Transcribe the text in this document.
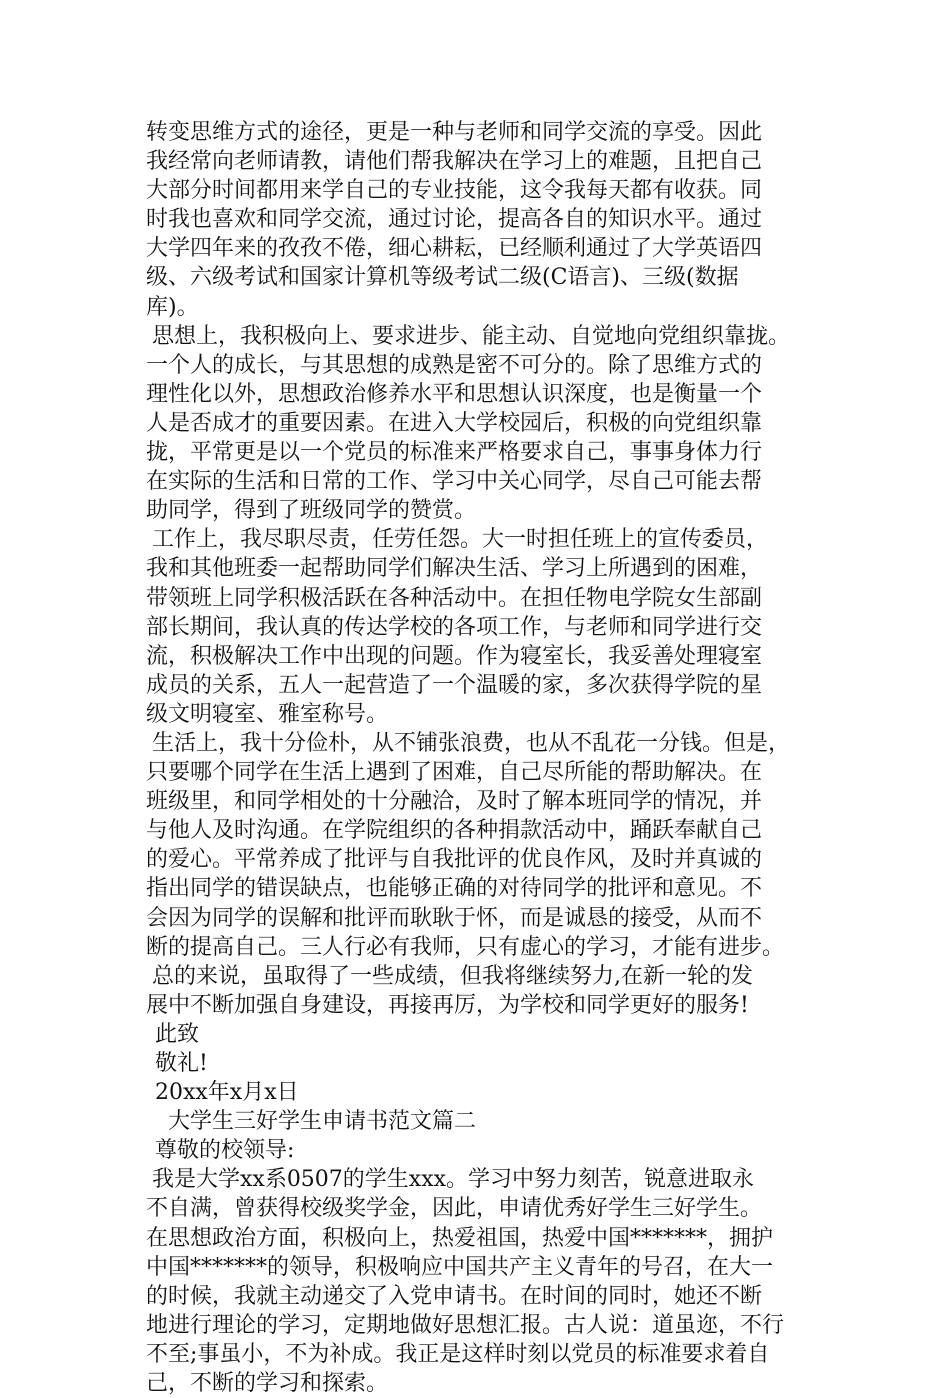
转变思维方式的途径，更是一种与老师和同学交流的享受。因此
我经常向老师请教，请他们帮我解决在学习上的难题，且把自己
大部分时间都用来学自己的专业技能，这令我每天都有收获。同
时我也喜欢和同学交流，通过讨论，提高各自的知识水平。通过
大学四年来的孜孜不倦，细心耕耘，已经顺利通过了大学英语四
级、六级考试和国家计算机等级考试二级(C语言)、三级(数据
库)。
思想上，我积极向上、要求进步、能主动、自觉地向党组织靠拢。
一个人的成长，与其思想的成熟是密不可分的。除了思维方式的
理性化以外，思想政治修养水平和思想认识深度，也是衡量一个
人是否成才的重要因素。在进入大学校园后，积极的向党组织靠
拢，平常更是以一个党员的标准来严格要求自己，事事身体力行
在实际的生活和日常的工作、学习中关心同学，尽自己可能去帮
助同学，得到了班级同学的赞赏。
工作上，我尽职尽责，任劳任怨。大一时担任班上的宣传委员，
我和其他班委一起帮助同学们解决生活、学习上所遇到的困难，
带领班上同学积极活跃在各种活动中。在担任物电学院女生部副
部长期间，我认真的传达学校的各项工作，与老师和同学进行交
流，积极解决工作中出现的问题。作为寝室长，我妥善处理寝室
成员的关系，五人一起营造了一个温暖的家，多次获得学院的星
级文明寝室、雅室称号。
生活上，我十分俭朴，从不铺张浪费，也从不乱花一分钱。但是，
只要哪个同学在生活上遇到了困难，自己尽所能的帮助解决。在
班级里，和同学相处的十分融洽，及时了解本班同学的情况，并
与他人及时沟通。在学院组织的各种捐款活动中，踊跃奉献自己
的爱心。平常养成了批评与自我批评的优良作风，及时并真诚的
指出同学的错误缺点，也能够正确的对待同学的批评和意见。不
会因为同学的误解和批评而耿耿于怀，而是诚恳的接受，从而不
断的提高自己。三人行必有我师，只有虚心的学习，才能有进步。
总的来说，虽取得了一些成绩，但我将继续努力,在新一轮的发
展中不断加强自身建设，再接再厉，为学校和同学更好的服务!
此致
敬礼!
20xx年x月x日
大学生三好学生申请书范文篇二
尊敬的校领导:
我是大学xx系0507的学生xxx。学习中努力刻苦，锐意进取永
不自满，曾获得校级奖学金，因此，申请优秀好学生三好学生。
在思想政治方面，积极向上，热爱祖国，热爱中国*******，拥护
中国*******的领导，积极响应中国共产主义青年的号召，在大一
的时候，我就主动递交了入党申请书。在时间的同时，她还不断
地进行理论的学习，定期地做好思想汇报。古人说：道虽迩，不行
不至;事虽小，不为补成。我正是这样时刻以党员的标准要求着自
己，不断的学习和探索。
